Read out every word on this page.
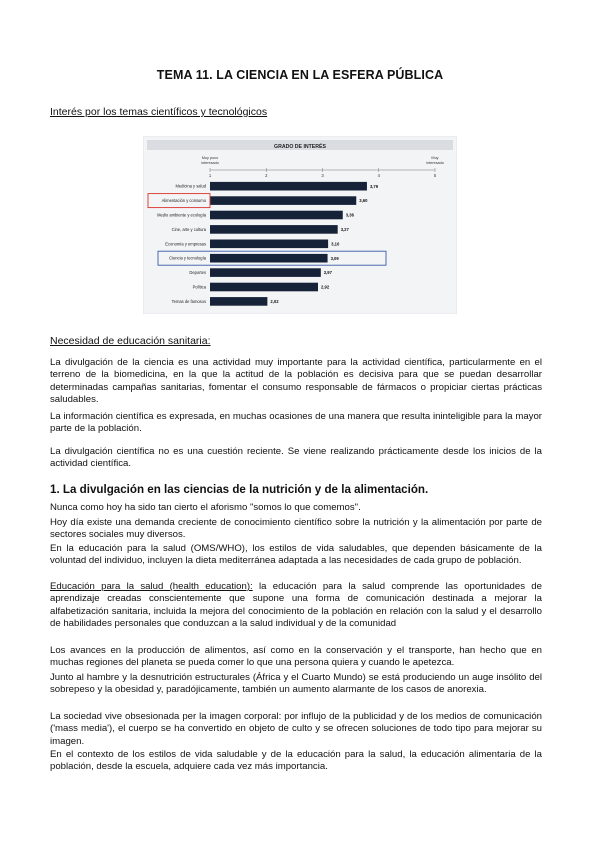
TEMA 11. LA CIENCIA EN LA ESFERA PÚBLICA
Interés por los temas científicos y tecnológicos
GRADO DE INTERÉS
Muy poco
interesado
Muy
interesado
1	2	3	4	5
Medicina y salud	3,79
Alimentación y consumo	3,60
Medio ambiente y ecología	3,36
Cine, arte y cultura	3,27
Economía y empresas	3,10
Ciencia y tecnología	3,09
Deportes	2,97
Política	2,92
Temas de famosos	2,02
Necesidad de educación sanitaria:
La divulgación de la ciencia es una actividad muy importante para la actividad científica, particularmente en el terreno de la biomedicina, en la que la actitud de la población es decisiva para que se puedan desarrollar determinadas campañas sanitarias, fomentar el consumo responsable de fármacos o propiciar ciertas prácticas saludables.
La información científica es expresada, en muchas ocasiones de una manera que resulta ininteligible para la mayor parte de la población.
La divulgación científica no es una cuestión reciente. Se viene realizando prácticamente desde los inicios de la actividad científica.
1. La divulgación en las ciencias de la nutrición y de la alimentación.
Nunca como hoy ha sido tan cierto el aforismo "somos lo que comemos".
Hoy día existe una demanda creciente de conocimiento científico sobre la nutrición y la alimentación por parte de sectores sociales muy diversos.
En la educación para la salud (OMS/WHO), los estilos de vida saludables, que dependen básicamente de la voluntad del individuo, incluyen la dieta mediterránea adaptada a las necesidades de cada grupo de población.
Educación para la salud (health education): la educación para la salud comprende las oportunidades de aprendizaje creadas conscientemente que supone una forma de comunicación destinada a mejorar la alfabetización sanitaria, incluida la mejora del conocimiento de la población en relación con la salud y el desarrollo de habilidades personales que conduzcan a la salud individual y de la comunidad
Los avances en la producción de alimentos, así como en la conservación y el transporte, han hecho que en muchas regiones del planeta se pueda comer lo que una persona quiera y cuando le apetezca.
Junto al hambre y la desnutrición estructurales (África y el Cuarto Mundo) se está produciendo un auge insólito del sobrepeso y la obesidad y, paradójicamente, también un aumento alarmante de los casos de anorexia.
La sociedad vive obsesionada per la imagen corporal: por influjo de la publicidad y de los medios de comunicación ('mass media'), el cuerpo se ha convertido en objeto de culto y se ofrecen soluciones de todo tipo para mejorar su imagen.
En el contexto de los estilos de vida saludable y de la educación para la salud, la educación alimentaria de la población, desde la escuela, adquiere cada vez más importancia.
